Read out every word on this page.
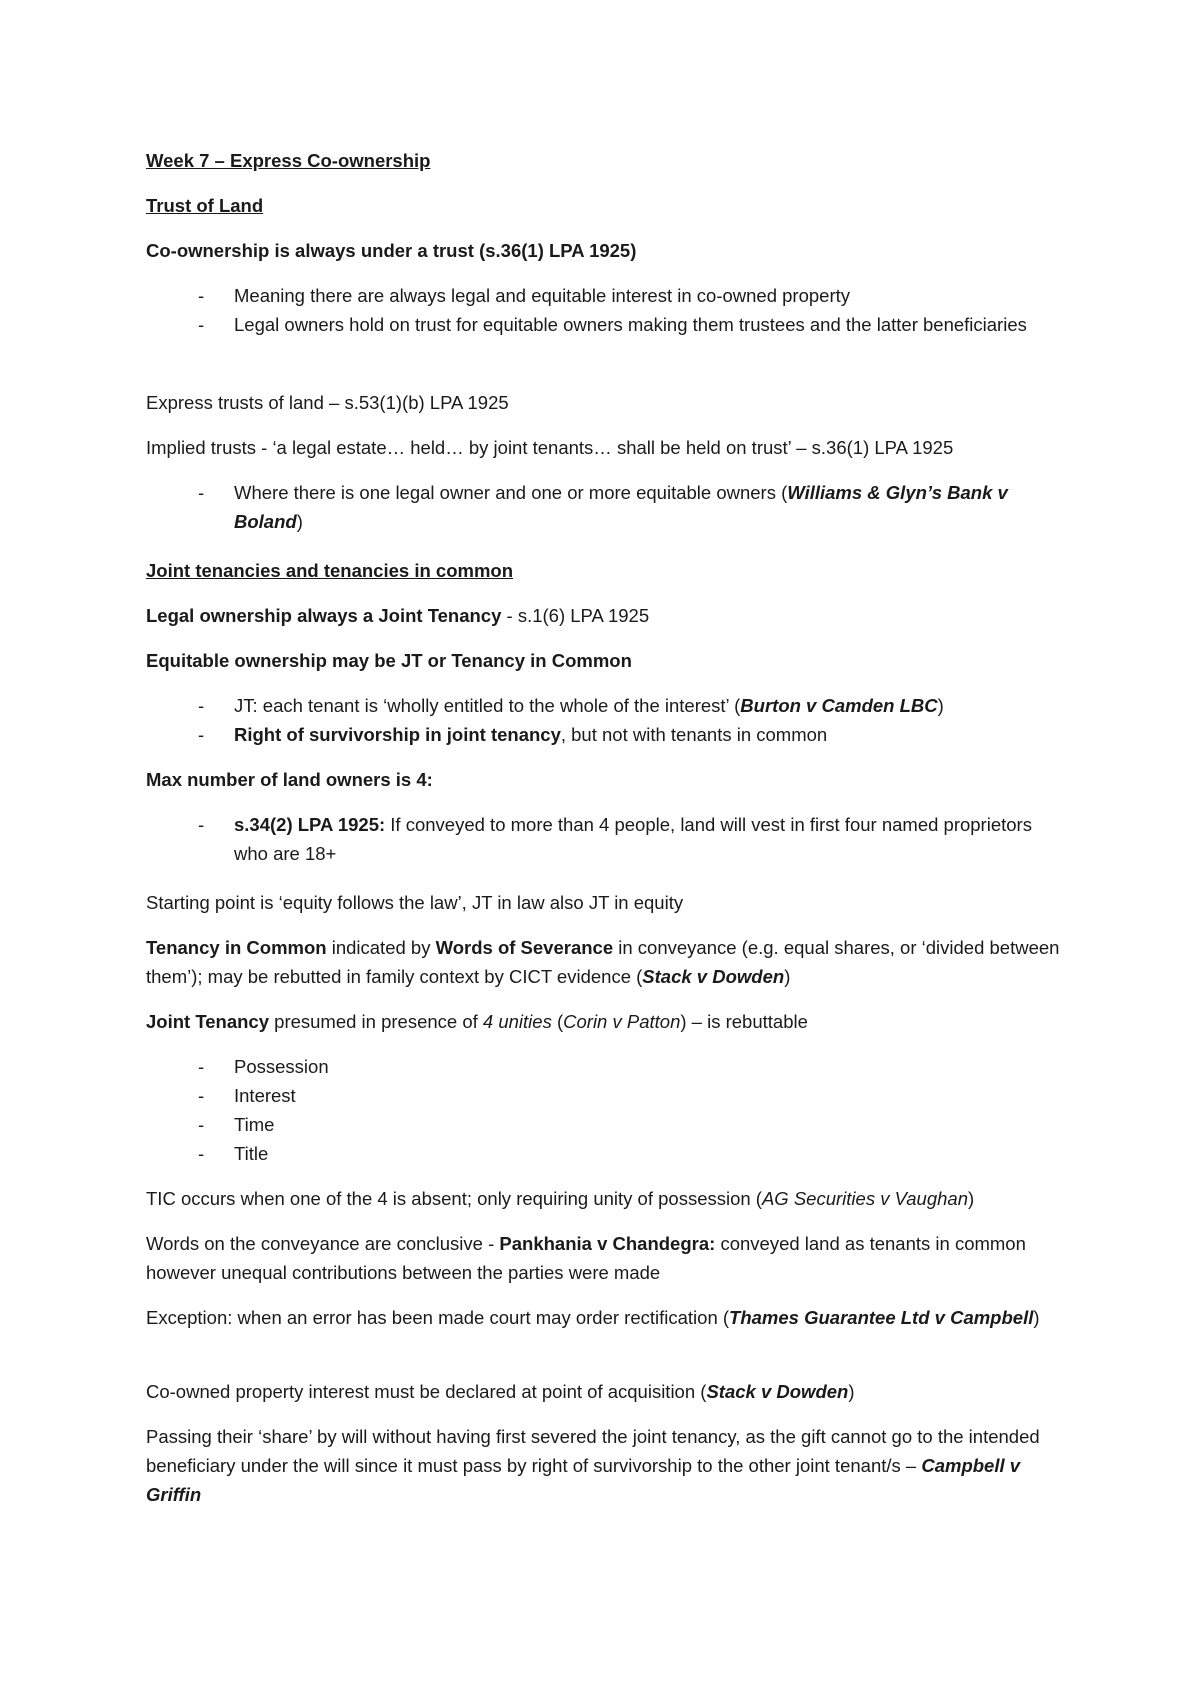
Week 7 – Express Co-ownership

Trust of Land

Co-ownership is always under a trust (s.36(1) LPA 1925)

- Meaning there are always legal and equitable interest in co-owned property
- Legal owners hold on trust for equitable owners making them trustees and the latter beneficiaries

Express trusts of land – s.53(1)(b) LPA 1925

Implied trusts - ‘a legal estate… held… by joint tenants… shall be held on trust’ – s.36(1) LPA 1925

- Where there is one legal owner and one or more equitable owners (Williams & Glyn’s Bank v Boland)

Joint tenancies and tenancies in common

Legal ownership always a Joint Tenancy - s.1(6) LPA 1925

Equitable ownership may be JT or Tenancy in Common

- JT: each tenant is ‘wholly entitled to the whole of the interest’ (Burton v Camden LBC)
- Right of survivorship in joint tenancy, but not with tenants in common

Max number of land owners is 4:

- s.34(2) LPA 1925: If conveyed to more than 4 people, land will vest in first four named proprietors who are 18+

Starting point is ‘equity follows the law’, JT in law also JT in equity

Tenancy in Common indicated by Words of Severance in conveyance (e.g. equal shares, or ‘divided between them’); may be rebutted in family context by CICT evidence (Stack v Dowden)

Joint Tenancy presumed in presence of 4 unities (Corin v Patton) – is rebuttable

- Possession
- Interest
- Time
- Title

TIC occurs when one of the 4 is absent; only requiring unity of possession (AG Securities v Vaughan)

Words on the conveyance are conclusive - Pankhania v Chandegra: conveyed land as tenants in common however unequal contributions between the parties were made

Exception: when an error has been made court may order rectification (Thames Guarantee Ltd v Campbell)

Co-owned property interest must be declared at point of acquisition (Stack v Dowden)

Passing their ‘share’ by will without having first severed the joint tenancy, as the gift cannot go to the intended beneficiary under the will since it must pass by right of survivorship to the other joint tenant/s – Campbell v Griffin
